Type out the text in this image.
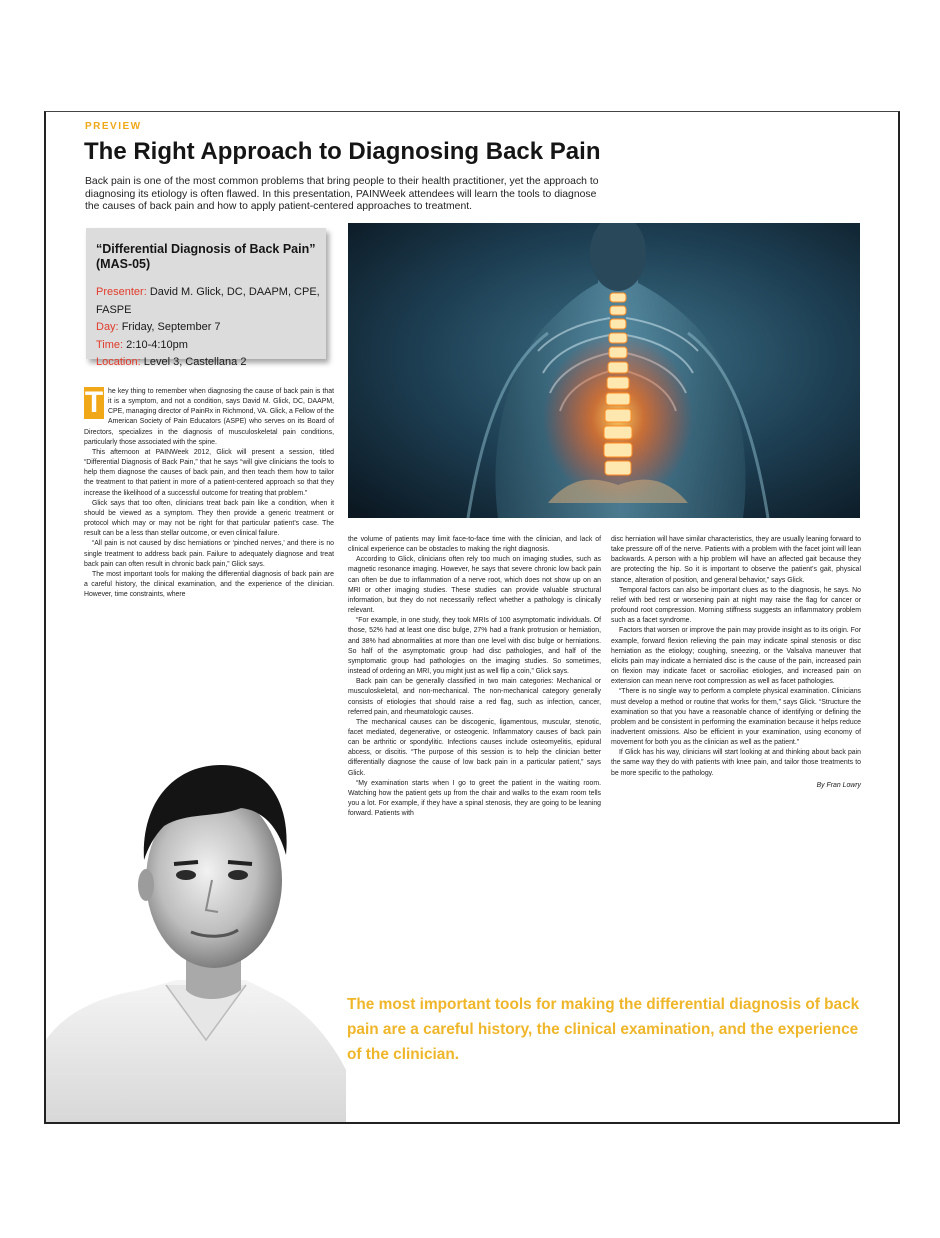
PREVIEW
The Right Approach to Diagnosing Back Pain

Back pain is one of the most common problems that bring people to their health practitioner, yet the approach to diagnosing its etiology is often flawed. In this presentation, PAINWeek attendees will learn the tools to diagnose the causes of back pain and how to apply patient-centered approaches to treatment.

“Differential Diagnosis of Back Pain” (MAS-05)

Presenter: David M. Glick, DC, DAAPM, CPE, FASPE
Day: Friday, September 7
Time: 2:10-4:10pm
Location: Level 3, Castellana 2

T he key thing to remember when diagnosing the cause of back pain is that it is a symptom, and not a condition, says David M. Glick, DC, DAAPM, CPE, managing director of PainRx in Richmond, VA. Glick, a Fellow of the American Society of Pain Educators (ASPE) who serves on its Board of Directors, specializes in the diagnosis of musculoskeletal pain conditions, particularly those associated with the spine.

This afternoon at PAINWeek 2012, Glick will present a session, titled “Differential Diagnosis of Back Pain,” that he says “will give clinicians the tools to help them diagnose the causes of back pain, and then teach them how to tailor the treatment to that patient in more of a patient-centered approach so that they increase the likelihood of a successful outcome for treating that problem.”

Glick says that too often, clinicians treat back pain like a condition, when it should be viewed as a symptom. They then provide a generic treatment or protocol which may or may not be right for that particular patient’s case. The result can be a less than stellar outcome, or even clinical failure.

“All pain is not caused by disc herniations or ‘pinched nerves,’ and there is no single treatment to address back pain. Failure to adequately diagnose and treat back pain can often result in chronic back pain,” Glick says.

The most important tools for making the differential diagnosis of back pain are a careful history, the clinical examination, and the experience of the clinician. However, time constraints, where

the volume of patients may limit face-to-face time with the clinician, and lack of clinical experience can be obstacles to making the right diagnosis.

According to Glick, clinicians often rely too much on imaging studies, such as magnetic resonance imaging. However, he says that severe chronic low back pain can often be due to inflammation of a nerve root, which does not show up on an MRI or other imaging studies. These studies can provide valuable structural information, but they do not necessarily reflect whether a pathology is clinically relevant.

“For example, in one study, they took MRIs of 100 asymptomatic individuals. Of those, 52% had at least one disc bulge, 27% had a frank protrusion or herniation, and 38% had abnormalities at more than one level with disc bulge or herniations. So half of the asymptomatic group had disc pathologies, and half of the symptomatic group had pathologies on the imaging studies. So sometimes, instead of ordering an MRI, you might just as well flip a coin,” Glick says.

Back pain can be generally classified in two main categories: Mechanical or musculoskeletal, and non-mechanical. The non-mechanical category generally consists of etiologies that should raise a red flag, such as infection, cancer, referred pain, and rheumatologic causes.

The mechanical causes can be discogenic, ligamentous, muscular, stenotic, facet mediated, degenerative, or osteogenic. Inflammatory causes of back pain can be arthritic or spondylitic. Infections causes include osteomyelitis, epidural abcess, or discitis. “The purpose of this session is to help the clinician better differentially diagnose the cause of low back pain in a particular patient,” says Glick.

“My examination starts when I go to greet the patient in the waiting room. Watching how the patient gets up from the chair and walks to the exam room tells you a lot. For example, if they have a spinal stenosis, they are going to be leaning forward. Patients with

disc herniation will have similar characteristics, they are usually leaning forward to take pressure off of the nerve. Patients with a problem with the facet joint will lean backwards. A person with a hip problem will have an affected gait because they are protecting the hip. So it is important to observe the patient’s gait, physical stance, alteration of position, and general behavior,” says Glick.

Temporal factors can also be important clues as to the diagnosis, he says. No relief with bed rest or worsening pain at night may raise the flag for cancer or profound root compression. Morning stiffness suggests an inflammatory problem such as a facet syndrome.

Factors that worsen or improve the pain may provide insight as to its origin. For example, forward flexion relieving the pain may indicate spinal stenosis or disc herniation as the etiology; coughing, sneezing, or the Valsalva maneuver that elicits pain may indicate a herniated disc is the cause of the pain, increased pain on flexion may indicate facet or sacroiliac etiologies, and increased pain on extension can mean nerve root compression as well as facet pathologies.

“There is no single way to perform a complete physical examination. Clinicians must develop a method or routine that works for them,” says Glick. “Structure the examination so that you have a reasonable chance of identifying or defining the problem and be consistent in performing the examination because it helps reduce inadvertent omissions. Also be efficient in your examination, using economy of movement for both you as the clinician as well as the patient.”

If Glick has his way, clinicians will start looking at and thinking about back pain the same way they do with patients with knee pain, and tailor those treatments to be more specific to the pathology.

By Fran Lowry

The most important tools for making the differential diagnosis of back pain are a careful history, the clinical examination, and the experience of the clinician.
